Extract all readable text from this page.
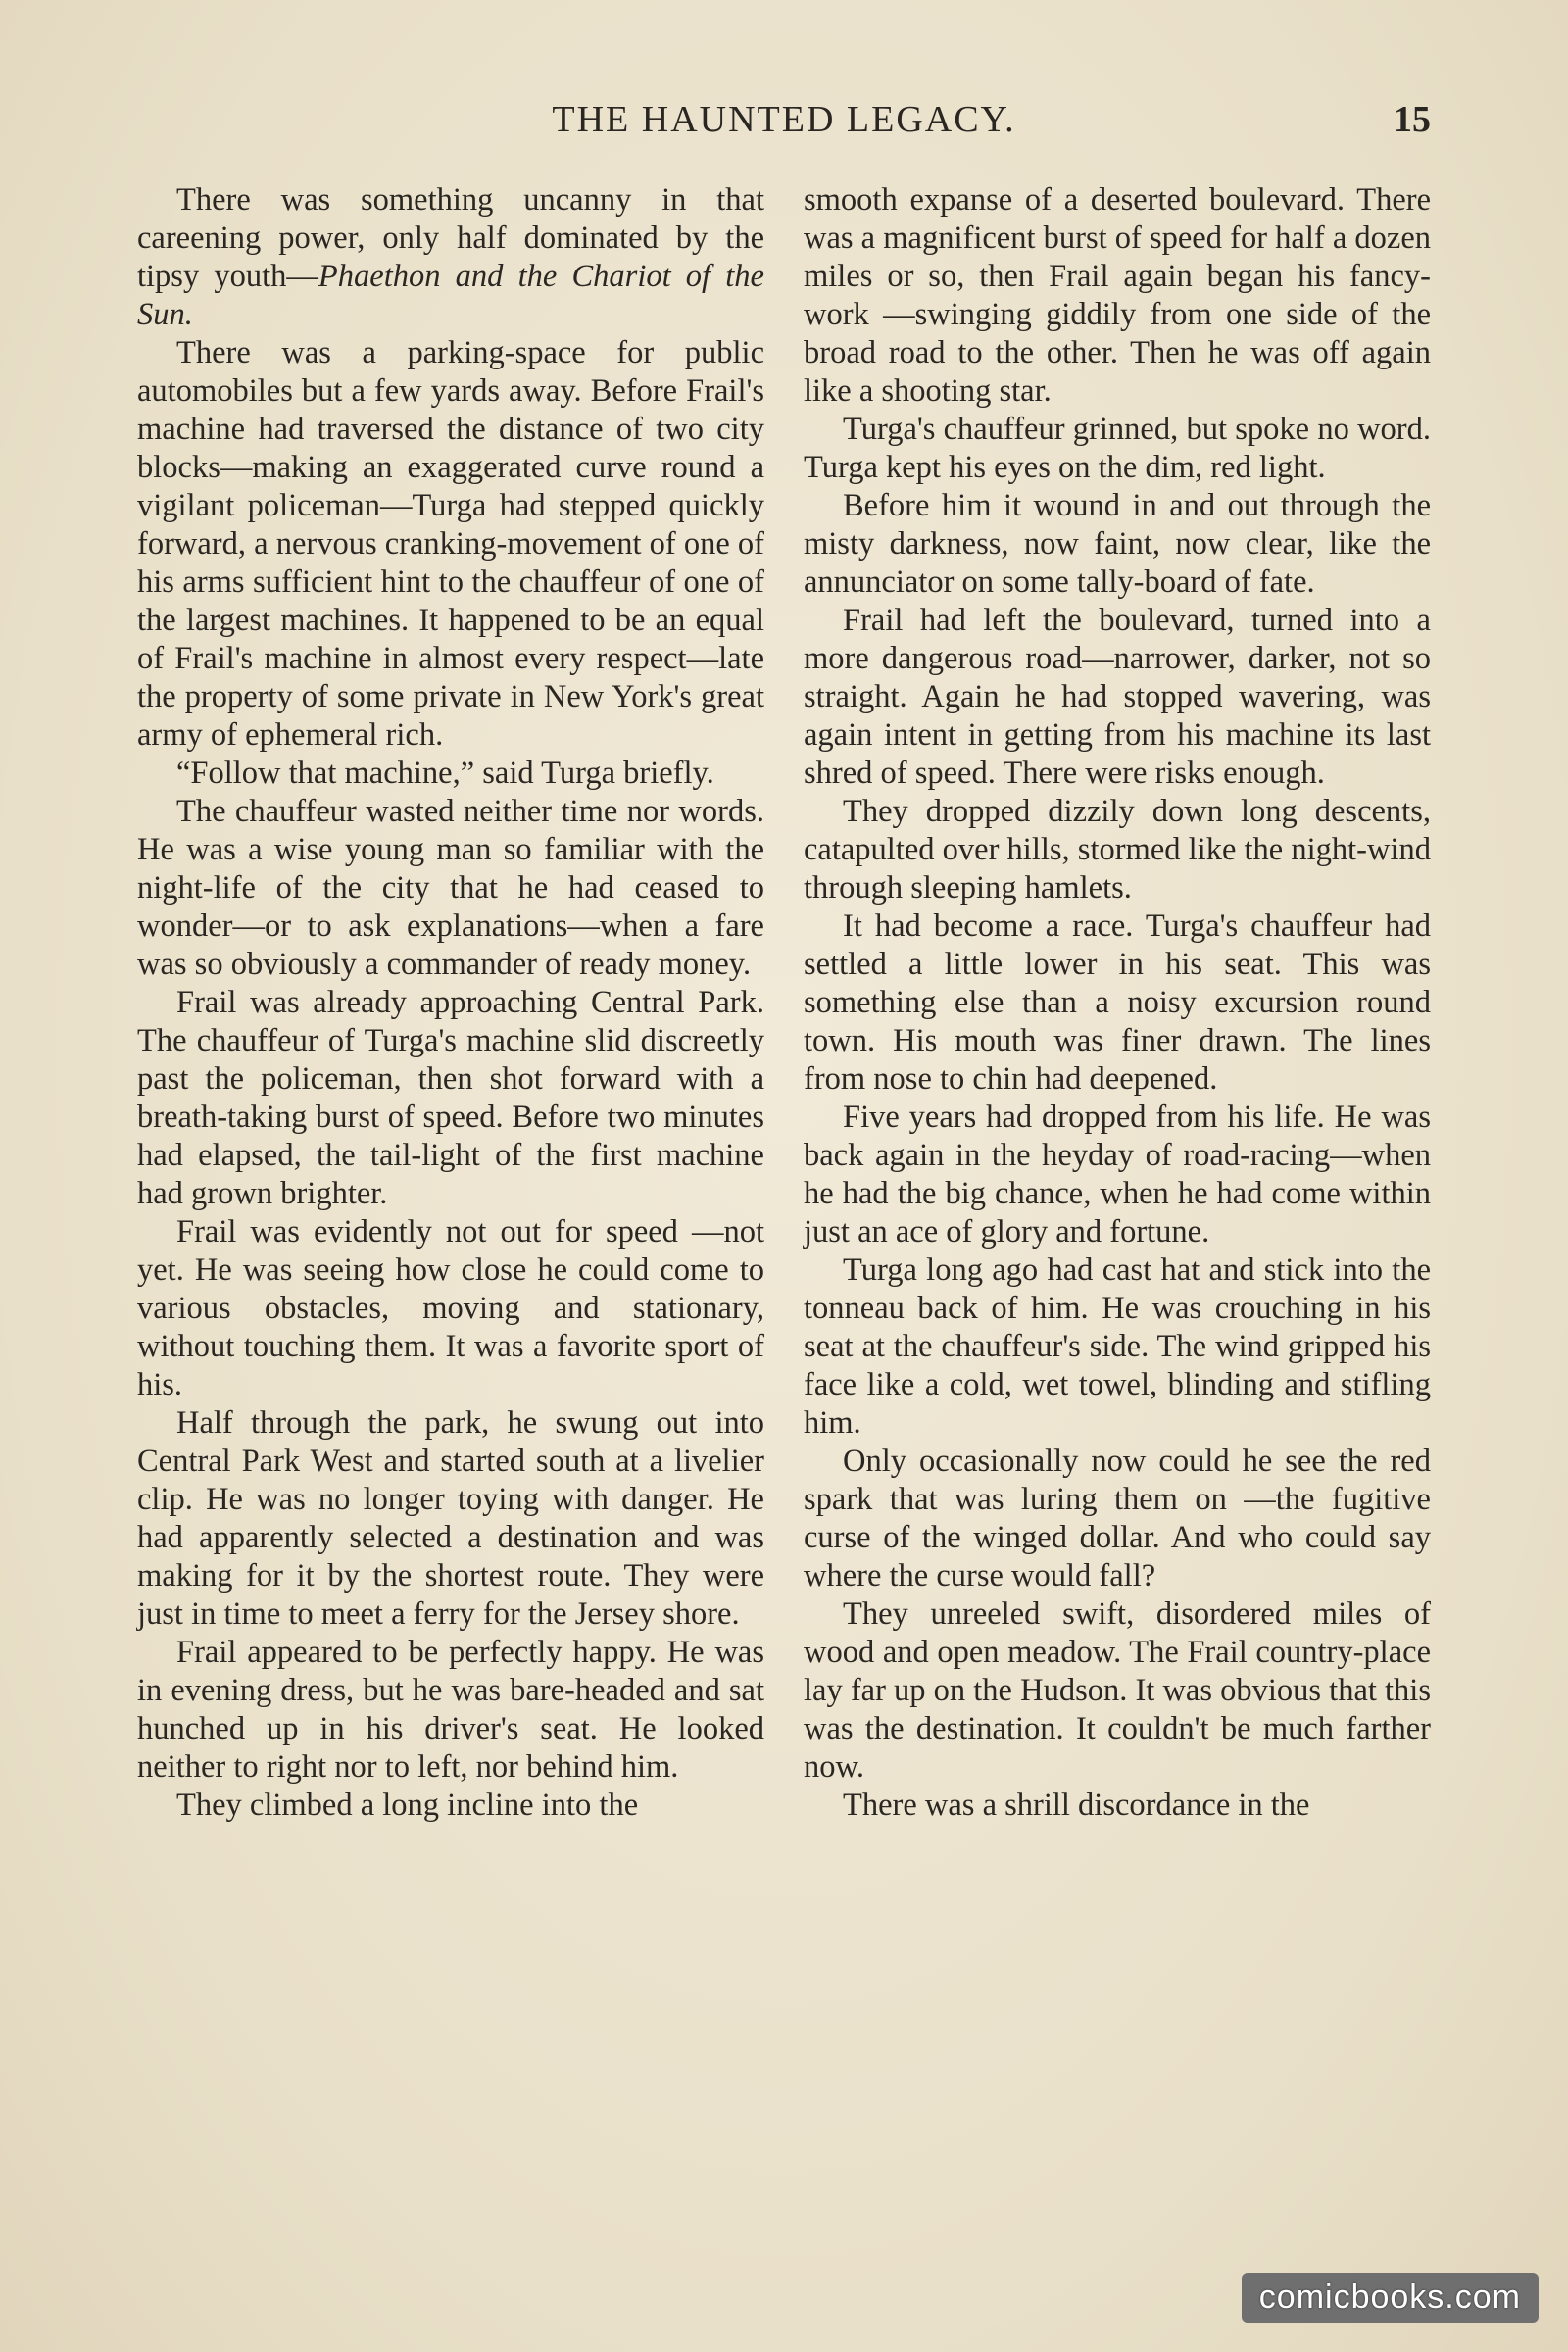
THE HAUNTED LEGACY.	15

There was something uncanny in that careening power, only half dominated by the tipsy youth—Phaethon and the Chariot of the Sun.

There was a parking-space for public automobiles but a few yards away. Before Frail's machine had traversed the distance of two city blocks—making an exaggerated curve round a vigilant policeman—Turga had stepped quickly forward, a nervous cranking-movement of one of his arms sufficient hint to the chauffeur of one of the largest machines. It happened to be an equal of Frail's machine in almost every respect—late the property of some private in New York's great army of ephemeral rich.

“Follow that machine,” said Turga briefly.

The chauffeur wasted neither time nor words. He was a wise young man so familiar with the night-life of the city that he had ceased to wonder—or to ask explanations—when a fare was so obviously a commander of ready money.

Frail was already approaching Central Park. The chauffeur of Turga's machine slid discreetly past the policeman, then shot forward with a breath-taking burst of speed. Before two minutes had elapsed, the tail-light of the first machine had grown brighter.

Frail was evidently not out for speed —not yet. He was seeing how close he could come to various obstacles, moving and stationary, without touching them. It was a favorite sport of his.

Half through the park, he swung out into Central Park West and started south at a livelier clip. He was no longer toying with danger. He had apparently selected a destination and was making for it by the shortest route. They were just in time to meet a ferry for the Jersey shore.

Frail appeared to be perfectly happy. He was in evening dress, but he was bare-headed and sat hunched up in his driver's seat. He looked neither to right nor to left, nor behind him.

They climbed a long incline into the

smooth expanse of a deserted boulevard. There was a magnificent burst of speed for half a dozen miles or so, then Frail again began his fancy-work —swinging giddily from one side of the broad road to the other. Then he was off again like a shooting star.

Turga's chauffeur grinned, but spoke no word. Turga kept his eyes on the dim, red light.

Before him it wound in and out through the misty darkness, now faint, now clear, like the annunciator on some tally-board of fate.

Frail had left the boulevard, turned into a more dangerous road—narrower, darker, not so straight. Again he had stopped wavering, was again intent in getting from his machine its last shred of speed. There were risks enough.

They dropped dizzily down long descents, catapulted over hills, stormed like the night-wind through sleeping hamlets.

It had become a race. Turga's chauffeur had settled a little lower in his seat. This was something else than a noisy excursion round town. His mouth was finer drawn. The lines from nose to chin had deepened.

Five years had dropped from his life. He was back again in the heyday of road-racing—when he had the big chance, when he had come within just an ace of glory and fortune.

Turga long ago had cast hat and stick into the tonneau back of him. He was crouching in his seat at the chauffeur's side. The wind gripped his face like a cold, wet towel, blinding and stifling him.

Only occasionally now could he see the red spark that was luring them on —the fugitive curse of the winged dollar. And who could say where the curse would fall?

They unreeled swift, disordered miles of wood and open meadow. The Frail country-place lay far up on the Hudson. It was obvious that this was the destination. It couldn't be much farther now.

There was a shrill discordance in the

comicbooks.com
